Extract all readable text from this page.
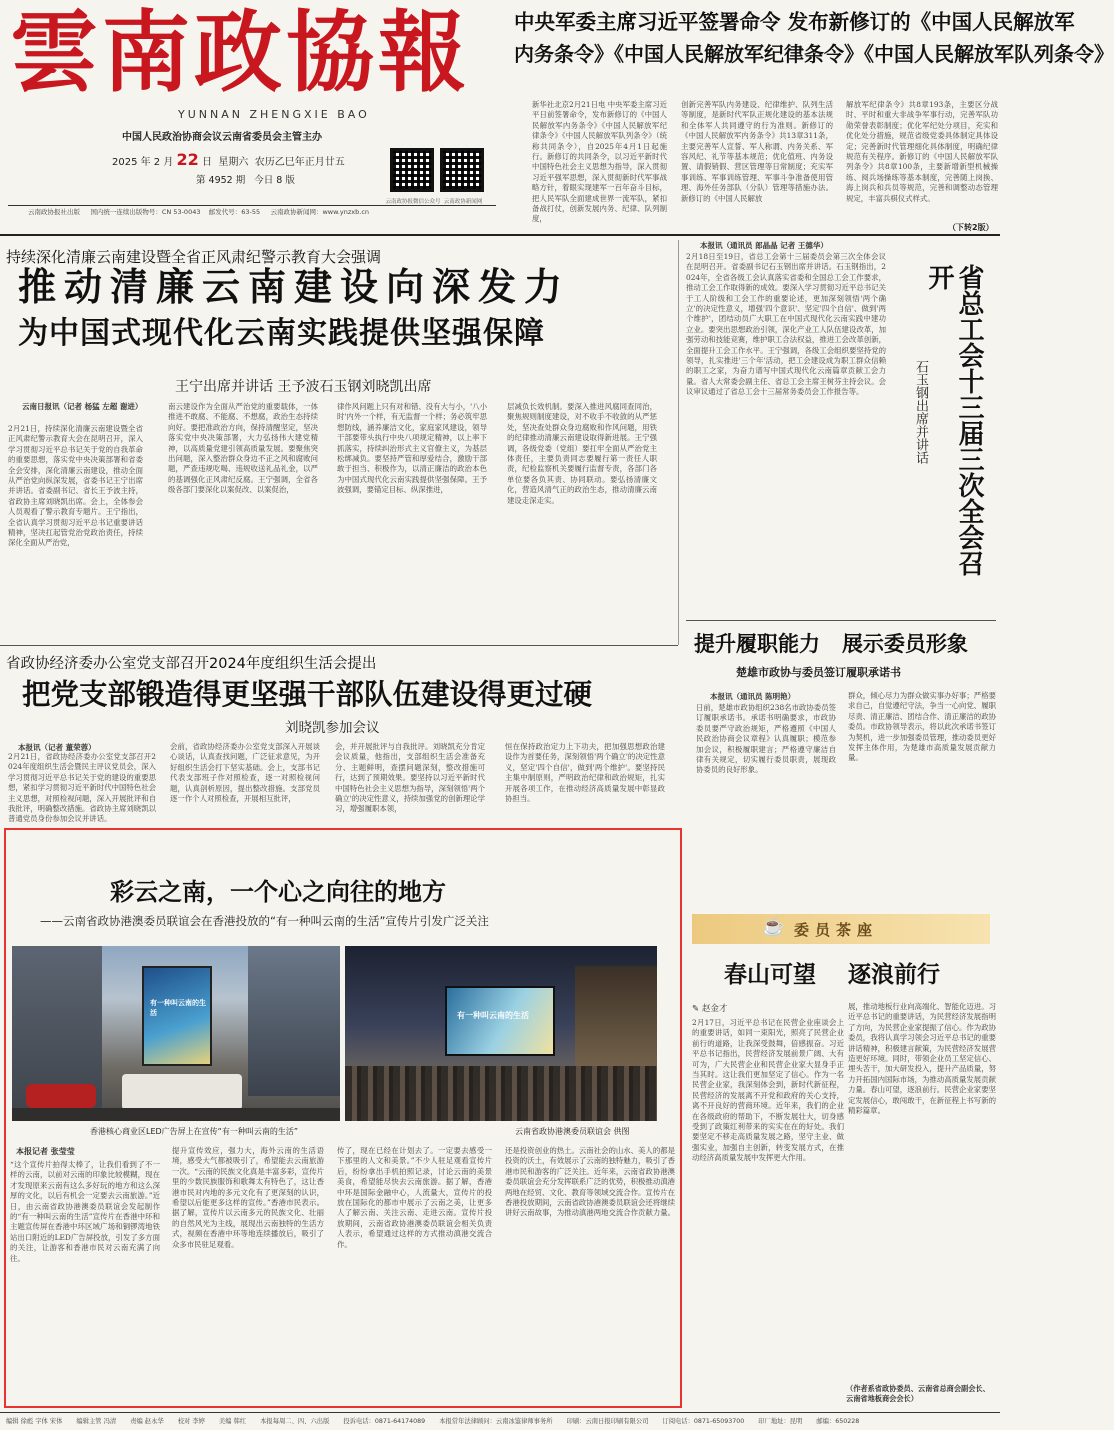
雲南政協報
YUNNAN ZHENGXIE BAO
中国人民政治协商会议云南省委员会主管主办
2025 年 2 月 22 日 星期六 农历乙巳年正月廿五
第 4952 期 今日 8 版
云南政协报微信公众号 云南政协新闻网
云南政协报社出版 国内统一连续出版物号：CN 53-0043 邮发代号：63-55 云南政协新闻网：www.ynzxb.cn
中央军委主席习近平签署命令 发布新修订的《中国人民解放军
内务条令》《中国人民解放军纪律条令》《中国人民解放军队列条令》
新华社北京2月21日电 中央军委主席习近平日前签署命令，发布新修订的《中国人民解放军内务条令》《中国人民解放军纪律条令》《中国人民解放军队列条令》（统称共同条令），自2025年4月1日起施行。新修订的共同条令，以习近平新时代中国特色社会主义思想为指导，深入贯彻习近平强军思想，深入贯彻新时代军事战略方针，着眼实现建军一百年奋斗目标，把人民军队全面建成世界一流军队，紧扣备战打仗，创新发展内务、纪律、队列制度，
创新完善军队内务建设、纪律维护、队列生活等制度，是新时代军队正规化建设的基本法规和全体军人共同遵守的行为准则。新修订的《中国人民解放军内务条令》共13章311条，主要完善军人宣誓、军人称谓、内务关系、军容风纪、礼节等基本规范；优化值班、内务设置、请假销假、营区管理等日常制度；充实军事训练、军事训练管理、军事斗争准备使用管理、海外任务部队（分队）管理等措施办法。新修订的《中国人民解放
解放军纪律条令》共8章193条，主要区分战时、平时和重大非战争军事行动，完善军队功勋荣誉表彰制度；优化军纪处分项目，充实和优化处分措施，规范省级党委具体制定具体设定；完善新时代管理细化具体制度，明确纪律规范有关程序。新修订的《中国人民解放军队列条令》共8章100条，主要新增新型机械操练、阅兵场操练等基本制度，完善随上岗换、海上岗兵和兵员等规范，完善和调整动态管理规定，丰富兵棋仪式样式。
（下转2版）
持续深化清廉云南建设暨全省正风肃纪警示教育大会强调
推动清廉云南建设向深发力
为中国式现代化云南实践提供坚强保障
王宁出席并讲话 王予波石玉钢刘晓凯出席
云南日报讯（记者 杨猛 左超 谢进）
2月21日，持续深化清廉云南建设暨全省正风肃纪警示教育大会在昆明召开，深入学习贯彻习近平总书记关于党的自我革命的重要思想，落实党中央决策部署和省委全会安排，深化清廉云南建设，推动全面从严治党向纵深发展，省委书记王宁出席并讲话。省委副书记、省长王予波主持，省政协主席刘晓凯出席。会上，全体参会人员观看了警示教育专题片。王宁指出，全省认真学习贯彻习近平总书记重要讲话精神，坚决扛起管党治党政治责任，持续深化全面从严治党，
南云建设作为全面从严治党的重要载体，一体推进不敢腐、不能腐、不想腐，政治生态持续向好。要把准政治方向，保持清醒坚定，坚决落实党中央决策部署，大力弘扬伟大建党精神，以高质量党建引领高质量发展。要聚焦突出问题，深入整治群众身边不正之风和腐败问题，严查违规吃喝、违规收送礼品礼金，以严的基调强化正风肃纪反腐。王宁强调，全省各级各部门要深化以案促改、以案促治，
律作风问题上只有对和错、没有大与小，'八小时'内外一个样，有无监督一个样；务必筑牢思想防线，涵养廉洁文化，家庭家风建设，领导干部要带头执行中央八项规定精神，以上率下抓落实，持续纠治形式主义官僚主义，为基层松绑减负。要坚持严管和厚爱结合，激励干部敢于担当、积极作为，以清正廉洁的政治本色为中国式现代化云南实践提供坚强保障。王予波强调，要锚定目标、纵深推进，
层减负长效机制。要深入推进风腐同查同治，聚焦规则制度建设，对不收手不收敛的从严惩处，坚决查处群众身边腐败和作风问题，用铁的纪律推动清廉云南建设取得新进展。王宁强调，各级党委（党组）要扛牢全面从严治党主体责任，主要负责同志要履行第一责任人职责，纪检监察机关要履行监督专责，各部门各单位要各负其责、协同联动。要弘扬清廉文化，营造风清气正的政治生态，推动清廉云南建设走深走实。
本报讯（通讯员 郎晶晶 记者 王德华）
2月18日至19日，省总工会第十三届委员会第三次全体会议在昆明召开。省委副书记石玉钢出席并讲话。石玉钢指出，2024年，全省各级工会认真落实省委和全国总工会工作要求，推动工会工作取得新的成效。要深入学习贯彻习近平总书记关于工人阶级和工会工作的重要论述，更加深刻领悟'两个确立'的决定性意义，增强'四个意识'、坚定'四个自信'、做到'两个维护'，团结动员广大职工在中国式现代化云南实践中建功立业。要突出思想政治引领，深化产业工人队伍建设改革，加强劳动和技能竞赛，维护职工合法权益，推进工会改革创新，全面提升工会工作水平。王宁强调，各级工会组织要坚持党的领导，扎实推进'三个年'活动，把工会建设成为职工群众信赖的职工之家，为奋力谱写中国式现代化云南篇章贡献工会力量。省人大常委会副主任、省总工会主席王树芬主持会议。会议审议通过了省总工会十三届常务委员会工作报告等。	省总工会十三届三次全会召开
石玉钢出席并讲话
提升履职能力 展示委员形象
楚雄市政协与委员签订履职承诺书
本报讯（通讯员 陈明艳）
日前，楚雄市政协组织238名市政协委员签订履职承诺书。承诺书明确要求，市政协委员要严守政治规矩，严格遵照《中国人民政治协商会议章程》认真履职；模范参加会议，积极履职建言；严格遵守廉洁自律有关规定，切实履行委员职责，展现政协委员的良好形象。
群众，倾心尽力为群众做实事办好事；严格要求自己，自觉遵纪守法，争当一心向党、履职尽责、清正廉洁、团结合作、清正廉洁的政协委员。市政协领导表示，将以此次承诺书签订为契机，进一步加强委员管理，推动委员更好发挥主体作用，为楚雄市高质量发展贡献力量。
省政协经济委办公室党支部召开2024年度组织生活会提出
把党支部锻造得更坚强干部队伍建设得更过硬
刘晓凯参加会议
本报讯（记者 董荣蓉）
2月21日，省政协经济委办公室党支部召开2024年度组织生活会暨民主评议党员会，深入学习贯彻习近平总书记关于党的建设的重要思想，紧扣学习贯彻习近平新时代中国特色社会主义思想，对照检视问题，深入开展批评和自我批评，明确整改措施。省政协主席刘晓凯以普通党员身份参加会议并讲话。
会前，省政协经济委办公室党支部深入开展谈心谈话，认真查找问题，广泛征求意见，为开好组织生活会打下坚实基础。会上，支部书记代表支部班子作对照检查，逐一对照检视问题，认真剖析原因，提出整改措施。支部党员逐一作个人对照检查，开展相互批评，
会，并开展批评与自我批评。刘晓凯充分肯定会议质量，他指出，支部组织生活会准备充分、主题鲜明，查摆问题深刻，整改措施可行，达到了预期效果。要坚持以习近平新时代中国特色社会主义思想为指导，深刻领悟'两个确立'的决定性意义，持续加强党的创新理论学习，增强履职本领，
恒在保持政治定力上下功夫，把加强思想政治建设作为首要任务，深刻领悟'两个确立'的决定性意义，坚定'四个自信'，做到'两个维护'。要坚持民主集中制原则，严明政治纪律和政治规矩，扎实开展各项工作，在推动经济高质量发展中彰显政协担当。
彩云之南，一个心之向往的地方
——云南省政协港澳委员联谊会在香港投放的“有一种叫云南的生活”宣传片引发广泛关注
有一种叫云南的生活
香港核心商业区LED广告屏上在宣传“有一种叫云南的生活”
有一种叫云南的生活
云南省政协港澳委员联谊会 供图
本报记者 张莹莹
“这个宣传片拍得太棒了，让我们看到了不一样的云南，以前对云南的印象比较模糊，现在才发现原来云南有这么多好玩的地方和这么深厚的文化，以后有机会一定要去云南旅游。”近日，由云南省政协港澳委员联谊会发起制作的“有一种叫云南的生活”宣传片在香港中环和主题宣传屏在香港中环区域广场和铜锣湾地铁站出口附近的LED广告屏投放，引发了多方面的关注，让游客和香港市民对云南充满了向往。
提升宣传效应，强力大，海外云南的生活语境，感受大气都被吸引了，希望能去云南旅游一次。“云南的民族文化真是丰富多彩，宣传片里的少数民族服饰和歌舞太有特色了，这让香港市民对内地的多元文化有了更深刻的认识，希望以后能更多这样的宣传。”香港市民表示。据了解，宣传片以云南多元的民族文化、壮丽的自然风光为主线，展现出云南独特的生活方式，视频在香港中环等地连续播放后，吸引了众多市民驻足观看。
传了，现在已经在计划去了。一定要去感受一下那里的人文和美景。”不少人驻足观看宣传片后，纷纷拿出手机拍照记录，讨论云南的美景美食，希望能尽快去云南旅游。据了解，香港中环是国际金融中心，人流量大，宣传片的投放在国际化的都市中展示了云南之美，让更多人了解云南、关注云南、走进云南。宣传片投放期间，云南省政协港澳委员联谊会相关负责人表示，希望通过这样的方式推动滇港交流合作。
还是投资创业的热土。云南社会的山水、美人的都是投资的沃土，有效展示了云南的独特魅力，吸引了香港市民和游客的广泛关注。近年来，云南省政协港澳委员联谊会充分发挥联系广泛的优势，积极推动滇港两地在经贸、文化、教育等领域交流合作。宣传片在香港投放期间，云南省政协港澳委员联谊会还将继续讲好云南故事，为推动滇港两地交流合作贡献力量。
☕ 委员茶座
春山可望 逐浪前行
✎ 赵金才
2月17日，习近平总书记在民营企业座谈会上的重要讲话，如同一束阳光，照亮了民营企业前行的道路，让我深受鼓舞，倍感振奋。习近平总书记指出，民营经济发展前景广阔、大有可为，广大民营企业和民营企业家大显身手正当其时。这让我们更加坚定了信心。作为一名民营企业家，我深刻体会到，新时代新征程，民营经济的发展离不开党和政府的关心支持，离不开良好的营商环境。近年来，我们的企业在各级政府的帮助下，不断发展壮大，切身感受到了政策红利带来的实实在在的好处。我们要坚定不移走高质量发展之路，坚守主业、做强实业，加强自主创新，转变发展方式，在推动经济高质量发展中发挥更大作用。
展，推动地板行业向高端化、智能化迈进。习近平总书记的重要讲话，为民营经济发展指明了方向，为民营企业家提振了信心。作为政协委员，我将认真学习领会习近平总书记的重要讲话精神，积极建言献策，为民营经济发展营造更好环境。同时，带领企业员工坚定信心、埋头苦干，加大研发投入，提升产品质量，努力开拓国内国际市场，为推动高质量发展贡献力量。春山可望，逐浪前行。民营企业家要坚定发展信心，敢闯敢干，在新征程上书写新的精彩篇章。
（作者系省政协委员、云南省总商会副会长、云南省地板商会会长）
编辑 徐彪 字体 宋体 编辑主管 冯清 责编 赵永华 校对 李婷 美编 韩红 本报每周二、四、六出版 投诉电话：0871-64174089 本报常年法律顾问：云南冰鉴律师事务所 印刷：云南日报印刷有限公司 订阅电话：0871-65093700 印厂地址：昆明 邮编：650228
